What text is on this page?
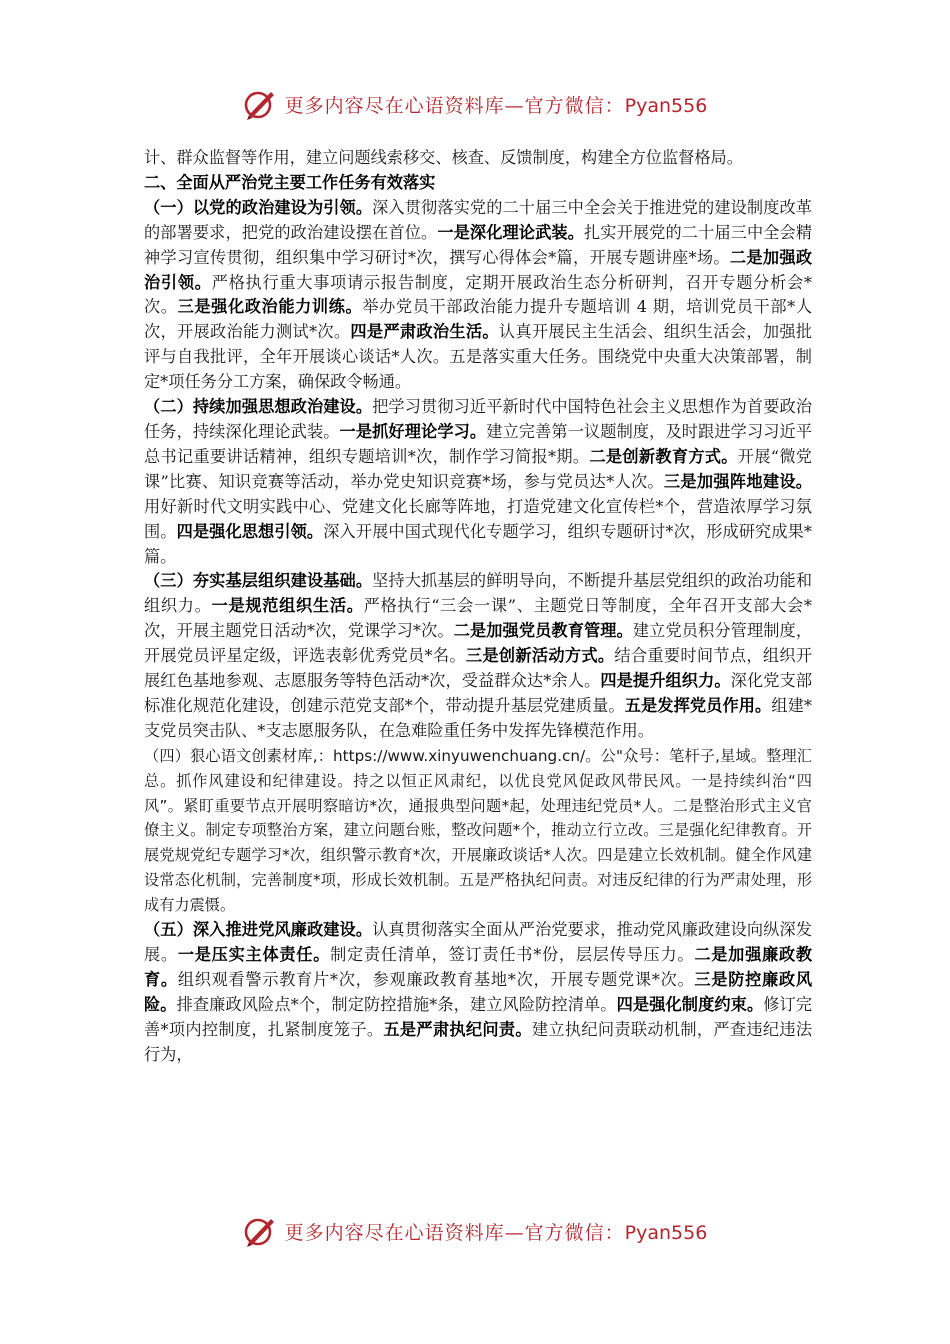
更多内容尽在心语资料库—官方微信：Pyan556

计、群众监督等作用，建立问题线索移交、核查、反馈制度，构建全方位监督格局。

二、全面从严治党主要工作任务有效落实

（一）以党的政治建设为引领。深入贯彻落实党的二十届三中全会关于推进党的建设制度改革的部署要求，把党的政治建设摆在首位。一是深化理论武装。扎实开展党的二十届三中全会精神学习宣传贯彻，组织集中学习研讨*次，撰写心得体会*篇，开展专题讲座*场。二是加强政治引领。严格执行重大事项请示报告制度，定期开展政治生态分析研判，召开专题分析会*次。三是强化政治能力训练。举办党员干部政治能力提升专题培训 4 期，培训党员干部*人次，开展政治能力测试*次。四是严肃政治生活。认真开展民主生活会、组织生活会，加强批评与自我批评，全年开展谈心谈话*人次。五是落实重大任务。围绕党中央重大决策部署，制定*项任务分工方案，确保政令畅通。

（二）持续加强思想政治建设。把学习贯彻习近平新时代中国特色社会主义思想作为首要政治任务，持续深化理论武装。一是抓好理论学习。建立完善第一议题制度，及时跟进学习习近平总书记重要讲话精神，组织专题培训*次，制作学习简报*期。二是创新教育方式。开展“微党课”比赛、知识竞赛等活动，举办党史知识竞赛*场，参与党员达*人次。三是加强阵地建设。用好新时代文明实践中心、党建文化长廊等阵地，打造党建文化宣传栏*个，营造浓厚学习氛围。四是强化思想引领。深入开展中国式现代化专题学习，组织专题研讨*次，形成研究成果*篇。

（三）夯实基层组织建设基础。坚持大抓基层的鲜明导向，不断提升基层党组织的政治功能和组织力。一是规范组织生活。严格执行“三会一课”、主题党日等制度，全年召开支部大会*次，开展主题党日活动*次，党课学习*次。二是加强党员教育管理。建立党员积分管理制度，开展党员评星定级，评选表彰优秀党员*名。三是创新活动方式。结合重要时间节点，组织开展红色基地参观、志愿服务等特色活动*次，受益群众达*余人。四是提升组织力。深化党支部标准化规范化建设，创建示范党支部*个，带动提升基层党建质量。五是发挥党员作用。组建*支党员突击队、*支志愿服务队，在急难险重任务中发挥先锋模范作用。

（四）狠心语文创素材库,：https://www.xinyuwenchuang.cn/。公"众号：笔杆子,星域。整理汇总。抓作风建设和纪律建设。持之以恒正风肃纪，以优良党风促政风带民风。一是持续纠治“四风”。紧盯重要节点开展明察暗访*次，通报典型问题*起，处理违纪党员*人。二是整治形式主义官僚主义。制定专项整治方案，建立问题台账，整改问题*个，推动立行立改。三是强化纪律教育。开展党规党纪专题学习*次，组织警示教育*次，开展廉政谈话*人次。四是建立长效机制。健全作风建设常态化机制，完善制度*项，形成长效机制。五是严格执纪问责。对违反纪律的行为严肃处理，形成有力震慑。

（五）深入推进党风廉政建设。认真贯彻落实全面从严治党要求，推动党风廉政建设向纵深发展。一是压实主体责任。制定责任清单，签订责任书*份，层层传导压力。二是加强廉政教育。组织观看警示教育片*次，参观廉政教育基地*次，开展专题党课*次。三是防控廉政风险。排查廉政风险点*个，制定防控措施*条，建立风险防控清单。四是强化制度约束。修订完善*项内控制度，扎紧制度笼子。五是严肃执纪问责。建立执纪问责联动机制，严查违纪违法行为，

更多内容尽在心语资料库—官方微信：Pyan556
